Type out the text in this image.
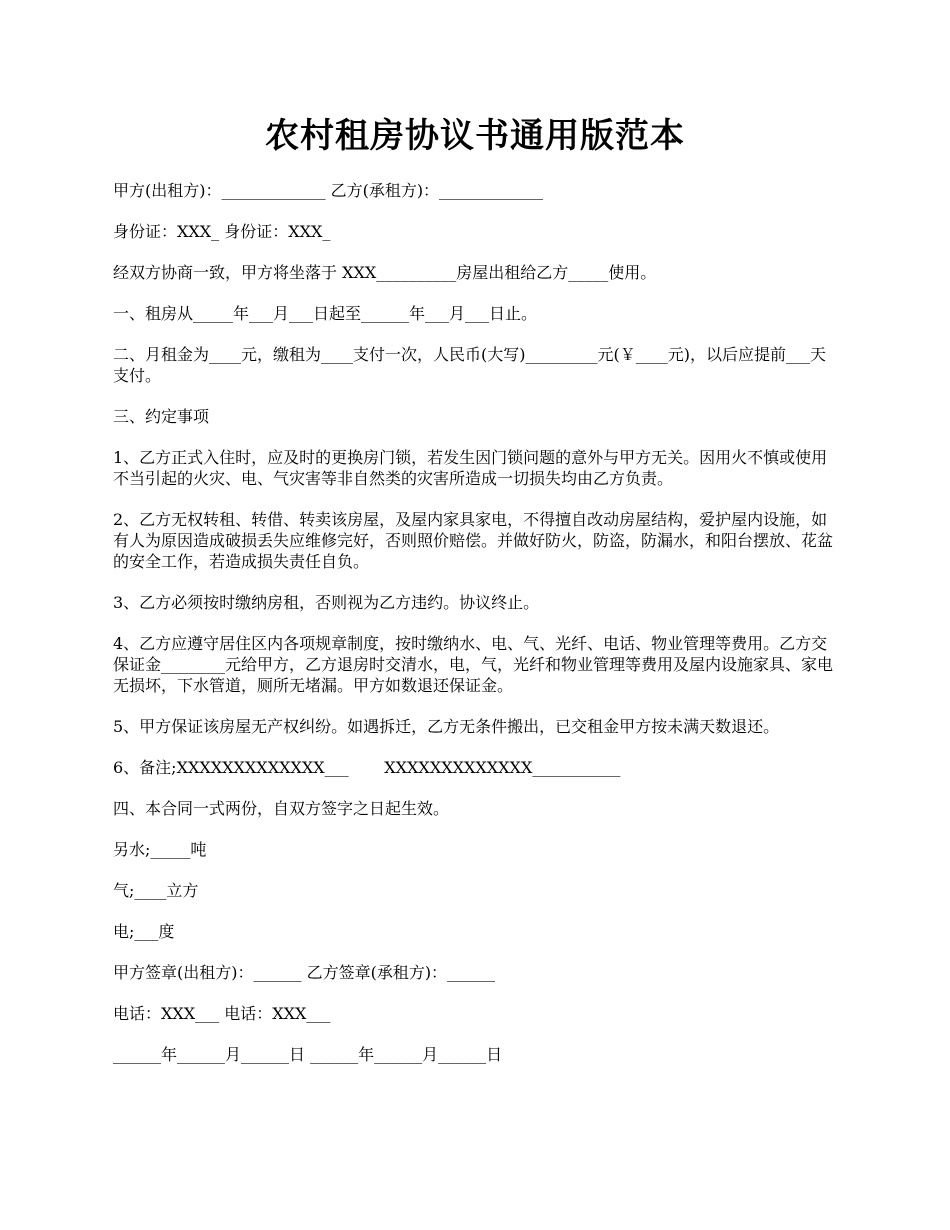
农村租房协议书通用版范本

甲方(出租方)：_____________ 乙方(承租方)：_____________

身份证：XXX_ 身份证：XXX_

经双方协商一致，甲方将坐落于 XXX__________房屋出租给乙方_____使用。

一、租房从_____年___月___日起至______年___月___日止。

二、月租金为____元，缴租为____支付一次，人民币(大写)_________元(￥____元)，以后应提前___天支付。

三、约定事项

1、乙方正式入住时，应及时的更换房门锁，若发生因门锁问题的意外与甲方无关。因用火不慎或使用不当引起的火灾、电、气灾害等非自然类的灾害所造成一切损失均由乙方负责。

2、乙方无权转租、转借、转卖该房屋，及屋内家具家电，不得擅自改动房屋结构，爱护屋内设施，如有人为原因造成破损丢失应维修完好，否则照价赔偿。并做好防火，防盗，防漏水，和阳台摆放、花盆的安全工作，若造成损失责任自负。

3、乙方必须按时缴纳房租，否则视为乙方违约。协议终止。

4、乙方应遵守居住区内各项规章制度，按时缴纳水、电、气、光纤、电话、物业管理等费用。乙方交保证金________元给甲方，乙方退房时交清水，电，气，光纤和物业管理等费用及屋内设施家具、家电无损坏，下水管道，厕所无堵漏。甲方如数退还保证金。

5、甲方保证该房屋无产权纠纷。如遇拆迁，乙方无条件搬出，已交租金甲方按未满天数退还。

6、备注;XXXXXXXXXXXXX___       XXXXXXXXXXXXX___________

四、本合同一式两份，自双方签字之日起生效。

另水;_____吨

气;____立方

电;___度

甲方签章(出租方)：______ 乙方签章(承租方)：______

电话：XXX___ 电话：XXX___

______年______月______日 ______年______月______日
